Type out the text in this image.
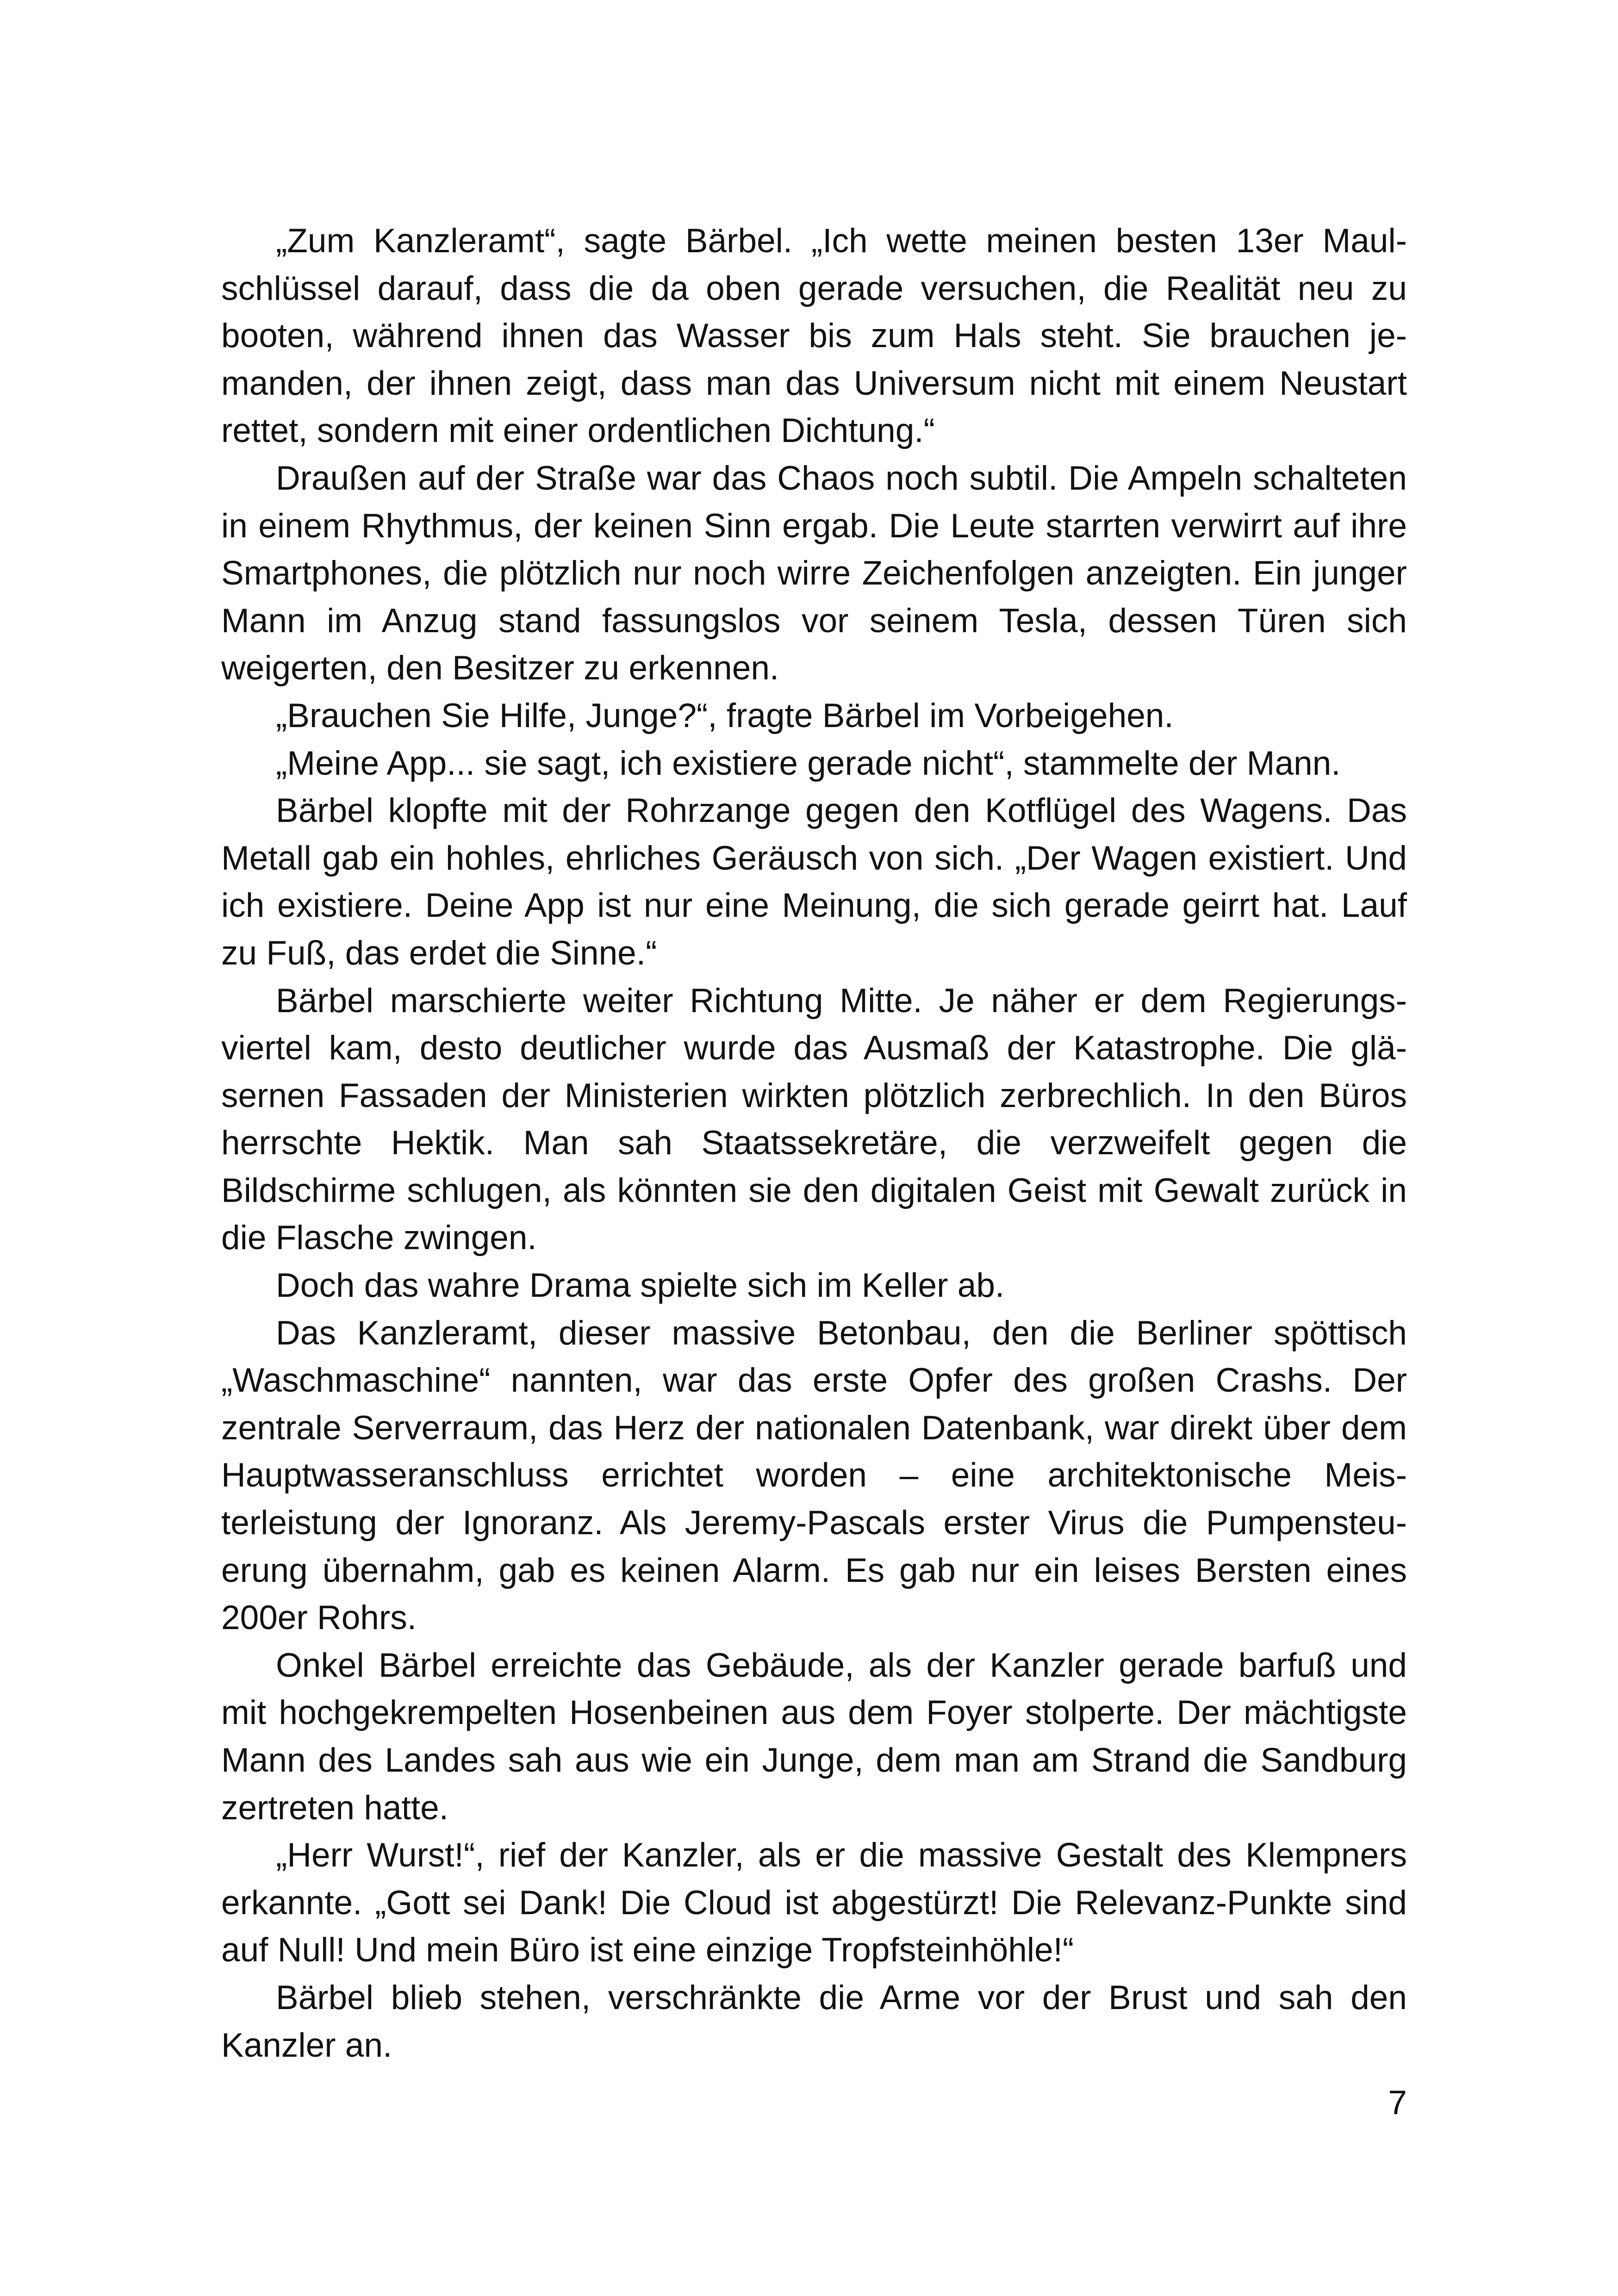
„Zum Kanzleramt“, sagte Bärbel. „Ich wette meinen besten 13er Maulschlüssel darauf, dass die da oben gerade versuchen, die Realität neu zu booten, während ihnen das Wasser bis zum Hals steht. Sie brauchen jemanden, der ihnen zeigt, dass man das Universum nicht mit einem Neustart rettet, sondern mit einer ordentlichen Dichtung.“

Draußen auf der Straße war das Chaos noch subtil. Die Ampeln schalteten in einem Rhythmus, der keinen Sinn ergab. Die Leute starrten verwirrt auf ihre Smartphones, die plötzlich nur noch wirre Zeichenfolgen anzeigten. Ein junger Mann im Anzug stand fassungslos vor seinem Tesla, dessen Türen sich weigerten, den Besitzer zu erkennen.

„Brauchen Sie Hilfe, Junge?“, fragte Bärbel im Vorbeigehen.

„Meine App... sie sagt, ich existiere gerade nicht“, stammelte der Mann.

Bärbel klopfte mit der Rohrzange gegen den Kotflügel des Wagens. Das Metall gab ein hohles, ehrliches Geräusch von sich. „Der Wagen existiert. Und ich existiere. Deine App ist nur eine Meinung, die sich gerade geirrt hat. Lauf zu Fuß, das erdet die Sinne.“

Bärbel marschierte weiter Richtung Mitte. Je näher er dem Regierungsviertel kam, desto deutlicher wurde das Ausmaß der Katastrophe. Die gläsernen Fassaden der Ministerien wirkten plötzlich zerbrechlich. In den Büros herrschte Hektik. Man sah Staatssekretäre, die verzweifelt gegen die Bildschirme schlugen, als könnten sie den digitalen Geist mit Gewalt zurück in die Flasche zwingen.

Doch das wahre Drama spielte sich im Keller ab.

Das Kanzleramt, dieser massive Betonbau, den die Berliner spöttisch „Waschmaschine“ nannten, war das erste Opfer des großen Crashs. Der zentrale Serverraum, das Herz der nationalen Datenbank, war direkt über dem Hauptwasseranschluss errichtet worden – eine architektonische Meisterleistung der Ignoranz. Als Jeremy-Pascals erster Virus die Pumpensteuerung übernahm, gab es keinen Alarm. Es gab nur ein leises Bersten eines 200er Rohrs.

Onkel Bärbel erreichte das Gebäude, als der Kanzler gerade barfuß und mit hochgekrempelten Hosenbeinen aus dem Foyer stolperte. Der mächtigste Mann des Landes sah aus wie ein Junge, dem man am Strand die Sandburg zertreten hatte.

„Herr Wurst!“, rief der Kanzler, als er die massive Gestalt des Klempners erkannte. „Gott sei Dank! Die Cloud ist abgestürzt! Die Relevanz-Punkte sind auf Null! Und mein Büro ist eine einzige Tropfsteinhöhle!“

Bärbel blieb stehen, verschränkte die Arme vor der Brust und sah den Kanzler an.

7
